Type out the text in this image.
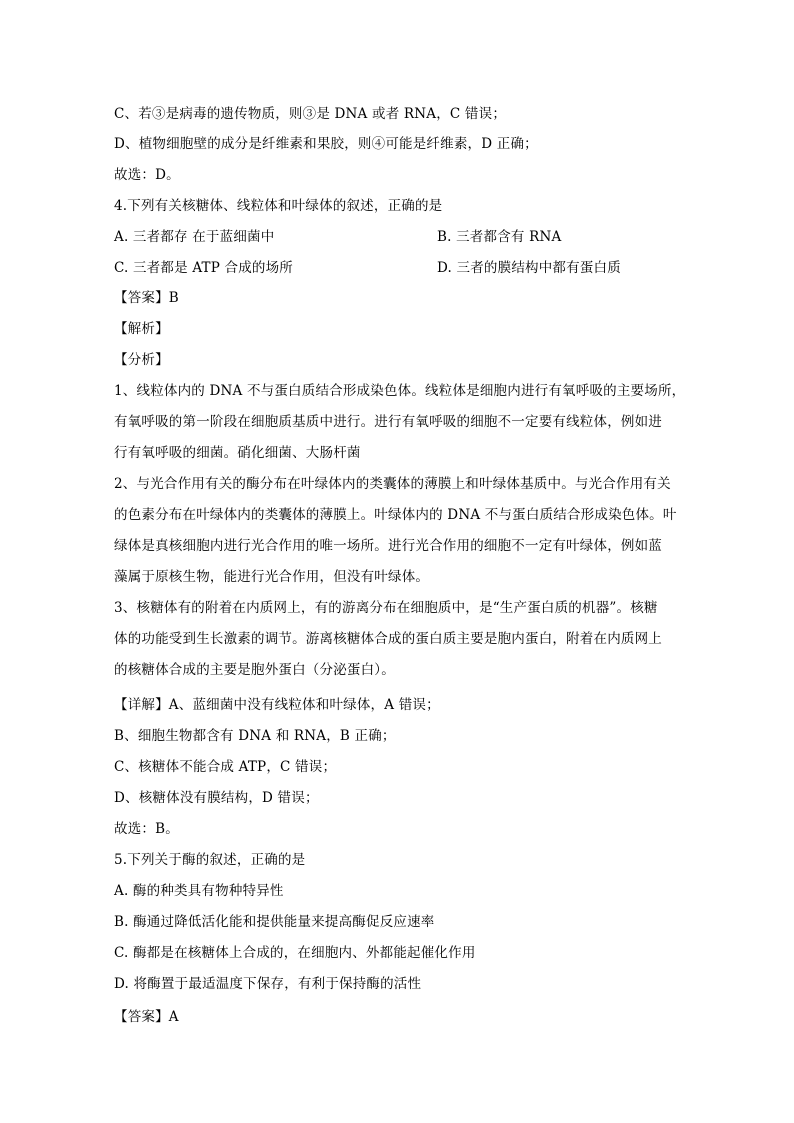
C、若③是病毒的遗传物质，则③是 DNA 或者 RNA，C 错误；
D、植物细胞壁的成分是纤维素和果胶，则④可能是纤维素，D 正确；
故选：D。
4.下列有关核糖体、线粒体和叶绿体的叙述，正确的是
A. 三者都存 在于蓝细菌中	B. 三者都含有 RNA
C. 三者都是 ATP 合成的场所	D. 三者的膜结构中都有蛋白质
【答案】B
【解析】
【分析】
1、线粒体内的 DNA 不与蛋白质结合形成染色体。线粒体是细胞内进行有氧呼吸的主要场所，
有氧呼吸的第一阶段在细胞质基质中进行。进行有氧呼吸的细胞不一定要有线粒体，例如进
行有氧呼吸的细菌。硝化细菌、大肠杆菌
2、与光合作用有关的酶分布在叶绿体内的类囊体的薄膜上和叶绿体基质中。与光合作用有关
的色素分布在叶绿体内的类囊体的薄膜上。叶绿体内的 DNA 不与蛋白质结合形成染色体。叶
绿体是真核细胞内进行光合作用的唯一场所。进行光合作用的细胞不一定有叶绿体，例如蓝
藻属于原核生物，能进行光合作用，但没有叶绿体。
3、核糖体有的附着在内质网上，有的游离分布在细胞质中，是“生产蛋白质的机器”。核糖
体的功能受到生长激素的调节。游离核糖体合成的蛋白质主要是胞内蛋白，附着在内质网上
的核糖体合成的主要是胞外蛋白（分泌蛋白）。
【详解】A、蓝细菌中没有线粒体和叶绿体，A 错误；
B、细胞生物都含有 DNA 和 RNA，B 正确；
C、核糖体不能合成 ATP，C 错误；
D、核糖体没有膜结构，D 错误；
故选：B。
5.下列关于酶的叙述，正确的是
A. 酶的种类具有物种特异性
B. 酶通过降低活化能和提供能量来提高酶促反应速率
C. 酶都是在核糖体上合成的，在细胞内、外都能起催化作用
D. 将酶置于最适温度下保存，有利于保持酶的活性
【答案】A
